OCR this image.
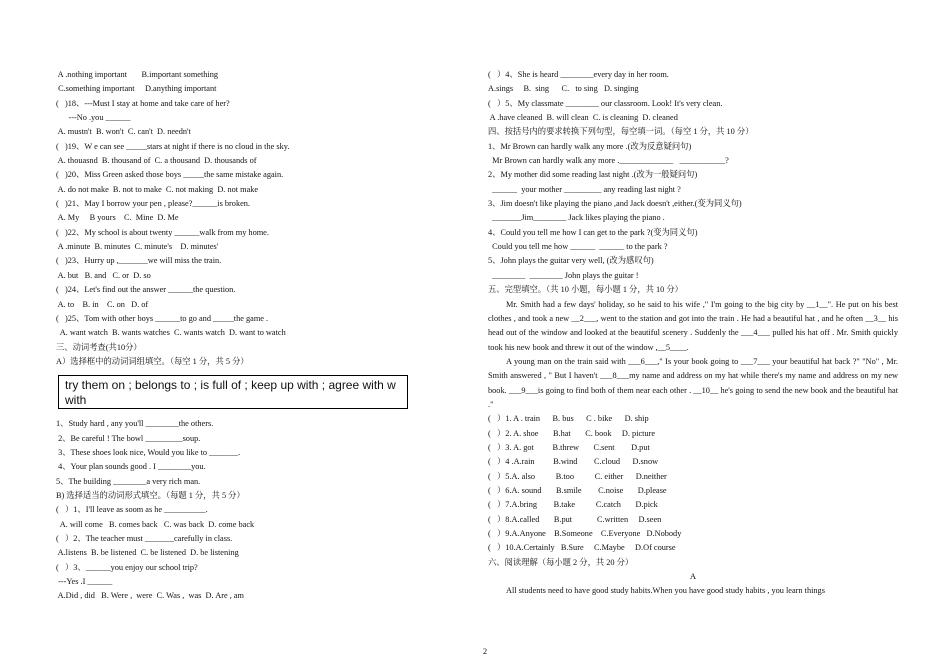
A .nothing important       B.important something
C.something important     D.anything important
(   )18、---Must I stay at home and take care of her?
---No .you ______
A. mustn't  B. won't  C. can't  D. needn't
(   )19、W e can see _____stars at night if there is no cloud in the sky.
A. thouasnd  B. thousand of  C. a thousand  D. thousands of
(   )20、Miss Green asked those boys _____the same mistake again.
A. do not make  B. not to make  C. not making  D. not make
(   )21、May I borrow your pen , please?______is broken.
A. My     B yours    C.  Mine  D. Me
(   )22、My school is about twenty ______walk from my home.
A .minute  B. minutes  C. minute's    D. minutes'
(   )23、Hurry up ,_______we will miss the train.
A. but   B. and   C. or  D. so
(   )24、Let's find out the answer ______the question.
A. to    B. in    C. on   D. of
(   )25、Tom with other boys ______to go and _____the game .
A. want watch  B. wants watches  C. wants watch  D. want to watch
三、动词考查(共10分）
A）选择框中的动词词组填空。（每空 1 分，共 5 分）
try them on ; belongs to ; is full of ; keep up with ; agree with w with
1、Study hard , any you'll ________the others.
2、Be careful ! The bowl _________soup.
3、These shoes look nice, Would you like to _______.
4、Your plan sounds good . I ________you.
5、The building ________a very rich man.
B) 选择适当的动词形式填空。（每题 1 分，共 5 分）
(   ）1、I'll leave as soom as he __________.
A. will come   B. comes back   C. was back  D. come back
(   ）2、The teacher must _______carefully in class.
A.listens  B. be listened  C. be listened  D. be listening
(   ）3、______you enjoy our school trip?
---Yes .I ______
A.Did , did   B. Were ,  were  C. Was ,  was  D. Are , am
(   ）4、She is heard ________every day in her room.
A.sings     B.  sing      C.   to sing   D. singing
(   ）5、My classmate ________ our classroom. Look! It's very clean.
A .have cleaned  B. will clean  C. is cleaning  D. cleaned
四、按括号内的要求转换下列句型，每空填一词。（每空 1 分，共 10 分）
1、Mr Brown can hardly walk any more .(改为反意疑问句)
Mr Brown can hardly walk any more ._____________   ___________?
2、My mother did some reading last night .(改为一般疑问句)
______  your mother _________ any reading last night ?
3、Jim doesn't like playing the piano ,and Jack doesn't ,either.(变为同义句)
_______Jim________ Jack likes playing the piano .
4、Could you tell me how I can get to the park ?(变为同义句)
Could you tell me how ______  ______ to the park ?
5、John plays the guitar very well, (改为感叹句)
________  ________ John plays the guitar !
五、完型填空。（共 10 小题，每小题 1 分，共 10 分）

Mr. Smith had a few days' holiday, so he said to his wife ," I'm going to the big city by __1__". He put on his best clothes , and took a new __2___, went to the station and got into the train . He had a beautiful hat , and he often __3__ his head out of the window and looked at the beautiful scenery . Suddenly the ___4___ pulled his hat off . Mr. Smith quickly took his new book and threw it out of the window ,__5____.

A young man on the train said with ___6___," Is your book going to ___7___ your beautiful hat back ?" "No" , Mr. Smith answered , " But I haven't ___8___my name and address on my hat while there's my name and address on my new book. ___9___is going to find both of them near each other . __10__ he's going to send the new book and the beautiful hat ."

(   ）1. A . train      B. bus      C . bike      D. ship
(   ）2. A. shoe       B.hat       C. book     D. picture
(   ）3. A. got         B.threw       C.sent        D.put
(   ）4 .A.rain         B.wind        C.cloud      D.snow
(   ）5.A. also          B.too          C. either      D.neither
(   ）6.A. sound       B.smile        C.noise       D.please
(   ）7.A.bring        B.take          C.catch       D.pick
(   ）8.A.called       B.put            C.written     D.seen
(   ）9.A.Anyone    B.Someone    C.Everyone   D.Nobody
(   ）10.A.Certainly   B.Sure     C.Maybe     D.Of course
六、阅读理解（每小题 2 分，共 20 分）
A

All students need to have good study habits.When you have good study habits , you learn things

2
